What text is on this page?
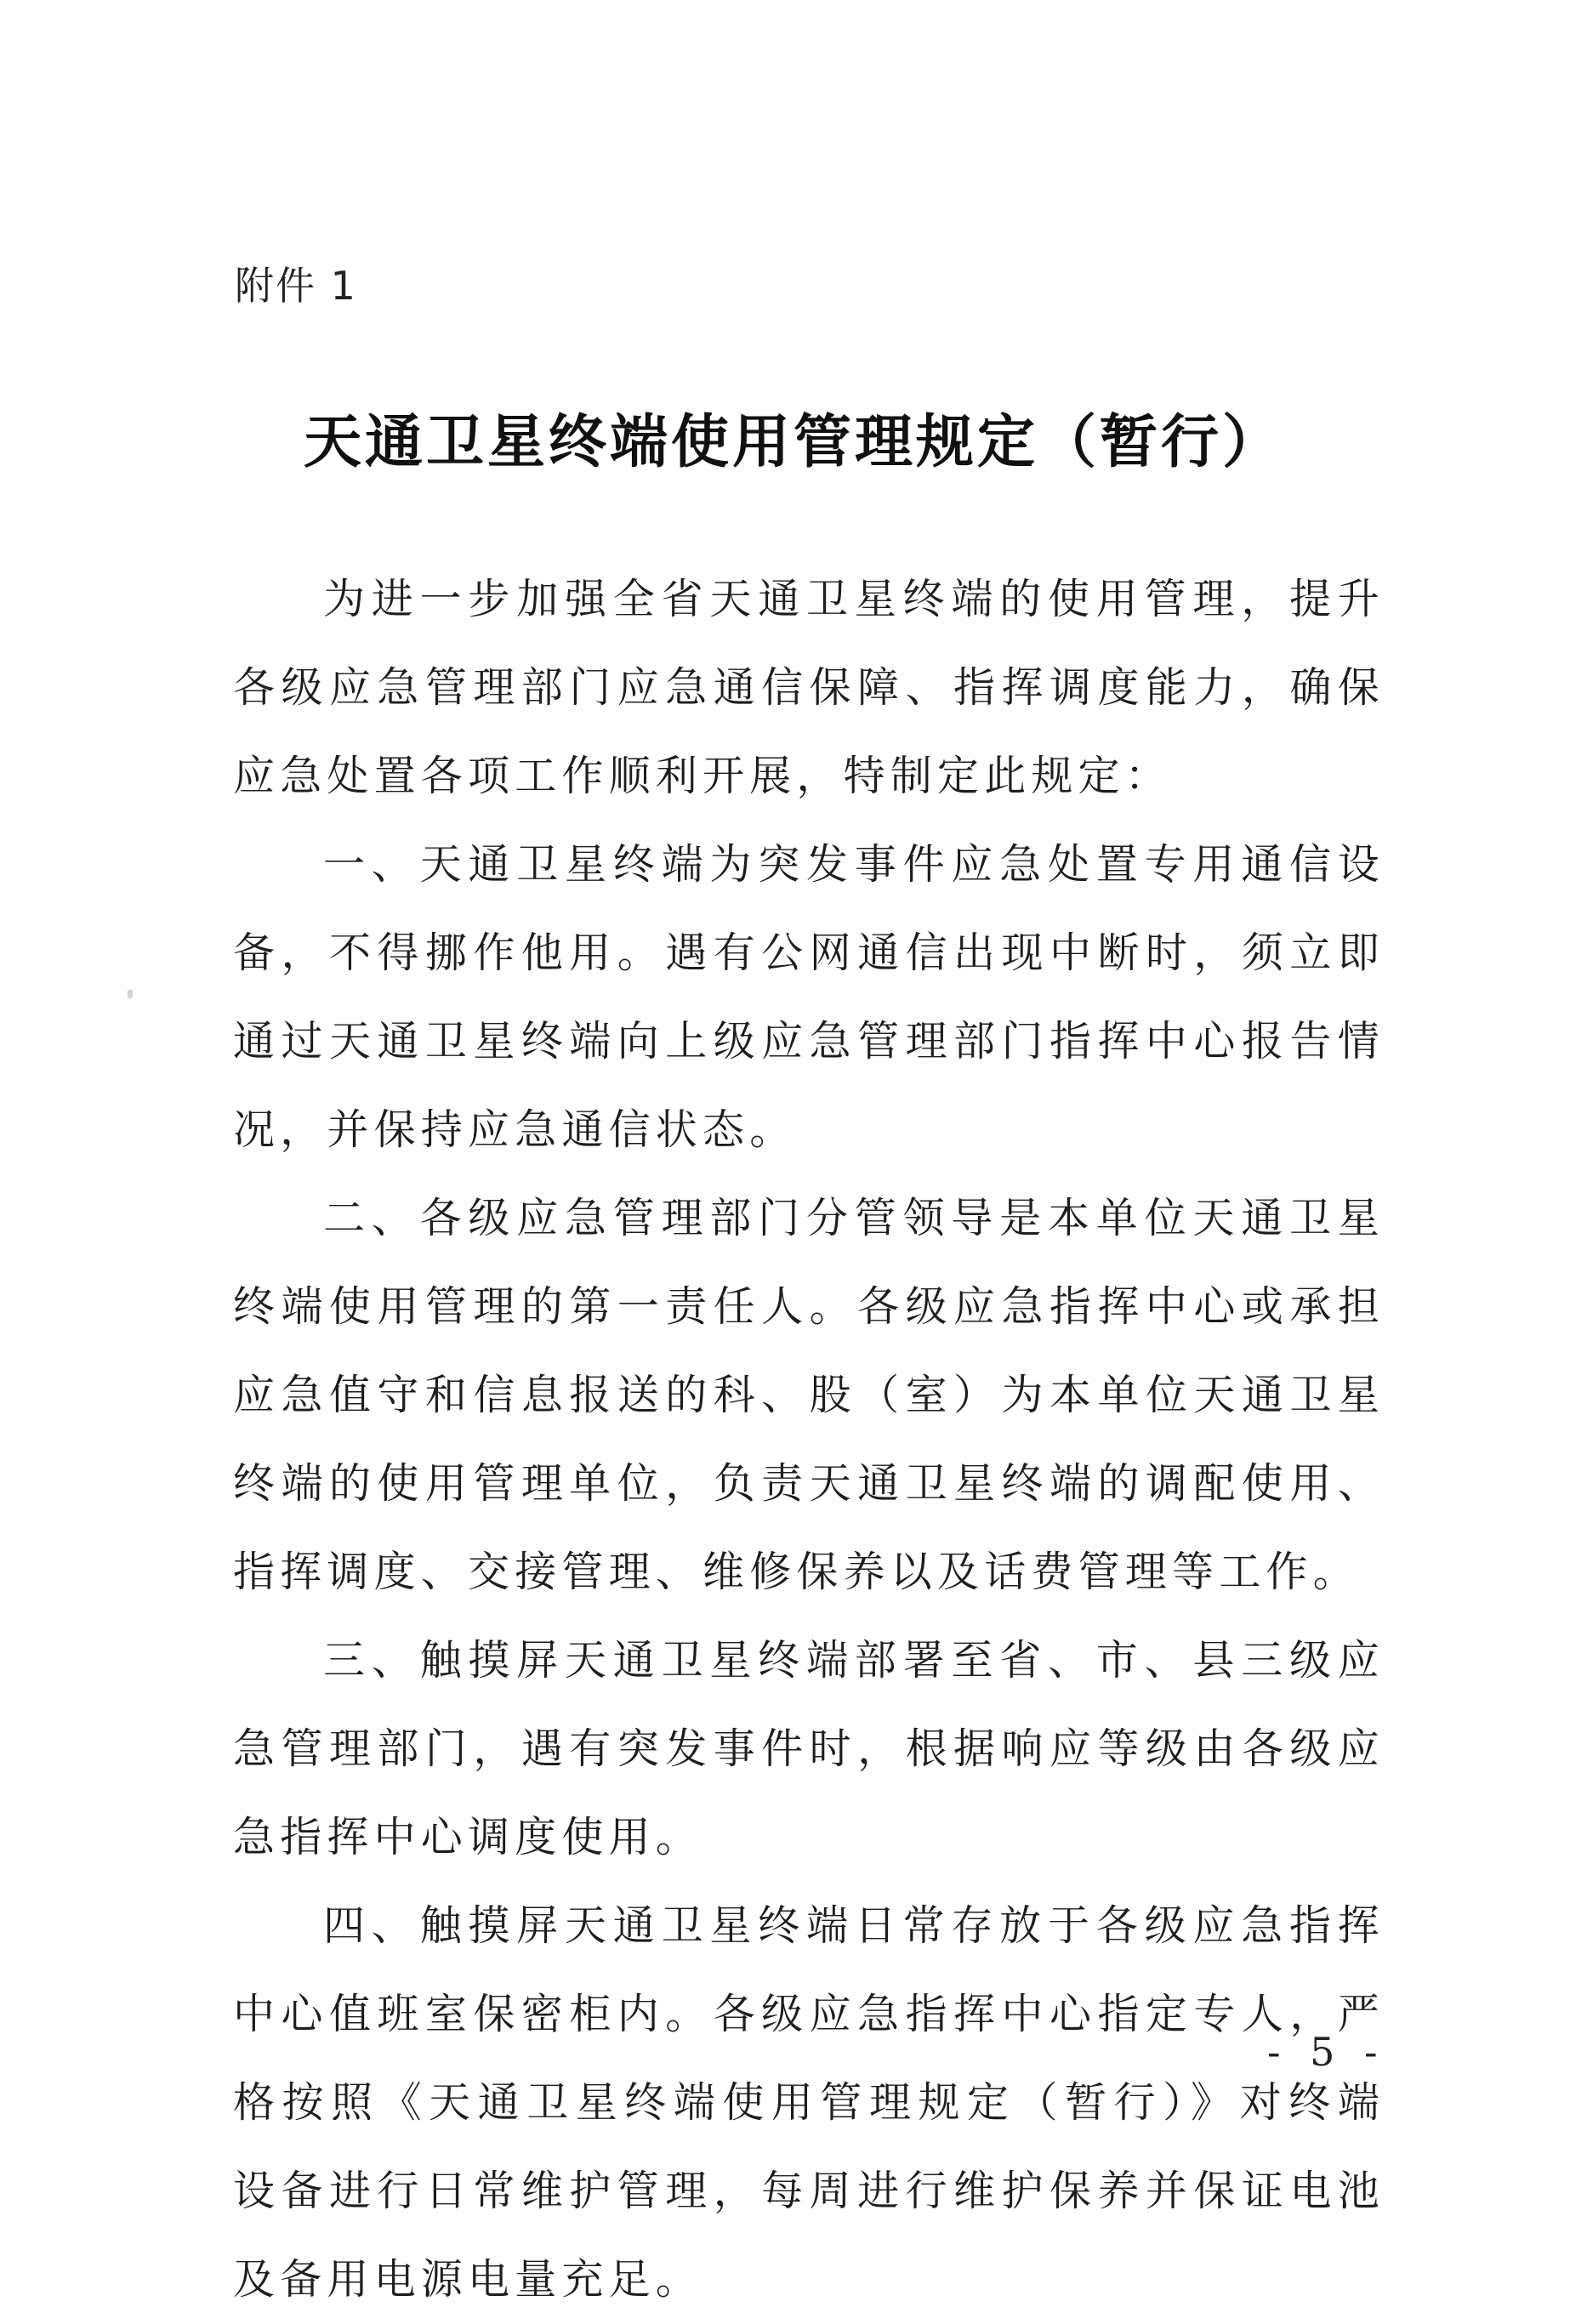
附件 1
天通卫星终端使用管理规定（暂行）

为进一步加强全省天通卫星终端的使用管理，提升各级应急管理部门应急通信保障、指挥调度能力，确保应急处置各项工作顺利开展，特制定此规定：

一、天通卫星终端为突发事件应急处置专用通信设备，不得挪作他用。遇有公网通信出现中断时，须立即通过天通卫星终端向上级应急管理部门指挥中心报告情况，并保持应急通信状态。

二、各级应急管理部门分管领导是本单位天通卫星终端使用管理的第一责任人。各级应急指挥中心或承担应急值守和信息报送的科、股（室）为本单位天通卫星终端的使用管理单位，负责天通卫星终端的调配使用、指挥调度、交接管理、维修保养以及话费管理等工作。

三、触摸屏天通卫星终端部署至省、市、县三级应急管理部门，遇有突发事件时，根据响应等级由各级应急指挥中心调度使用。

四、触摸屏天通卫星终端日常存放于各级应急指挥中心值班室保密柜内。各级应急指挥中心指定专人，严格按照《天通卫星终端使用管理规定（暂行）》对终端设备进行日常维护管理，每周进行维护保养并保证电池及备用电源电量充足。

- 5 -
